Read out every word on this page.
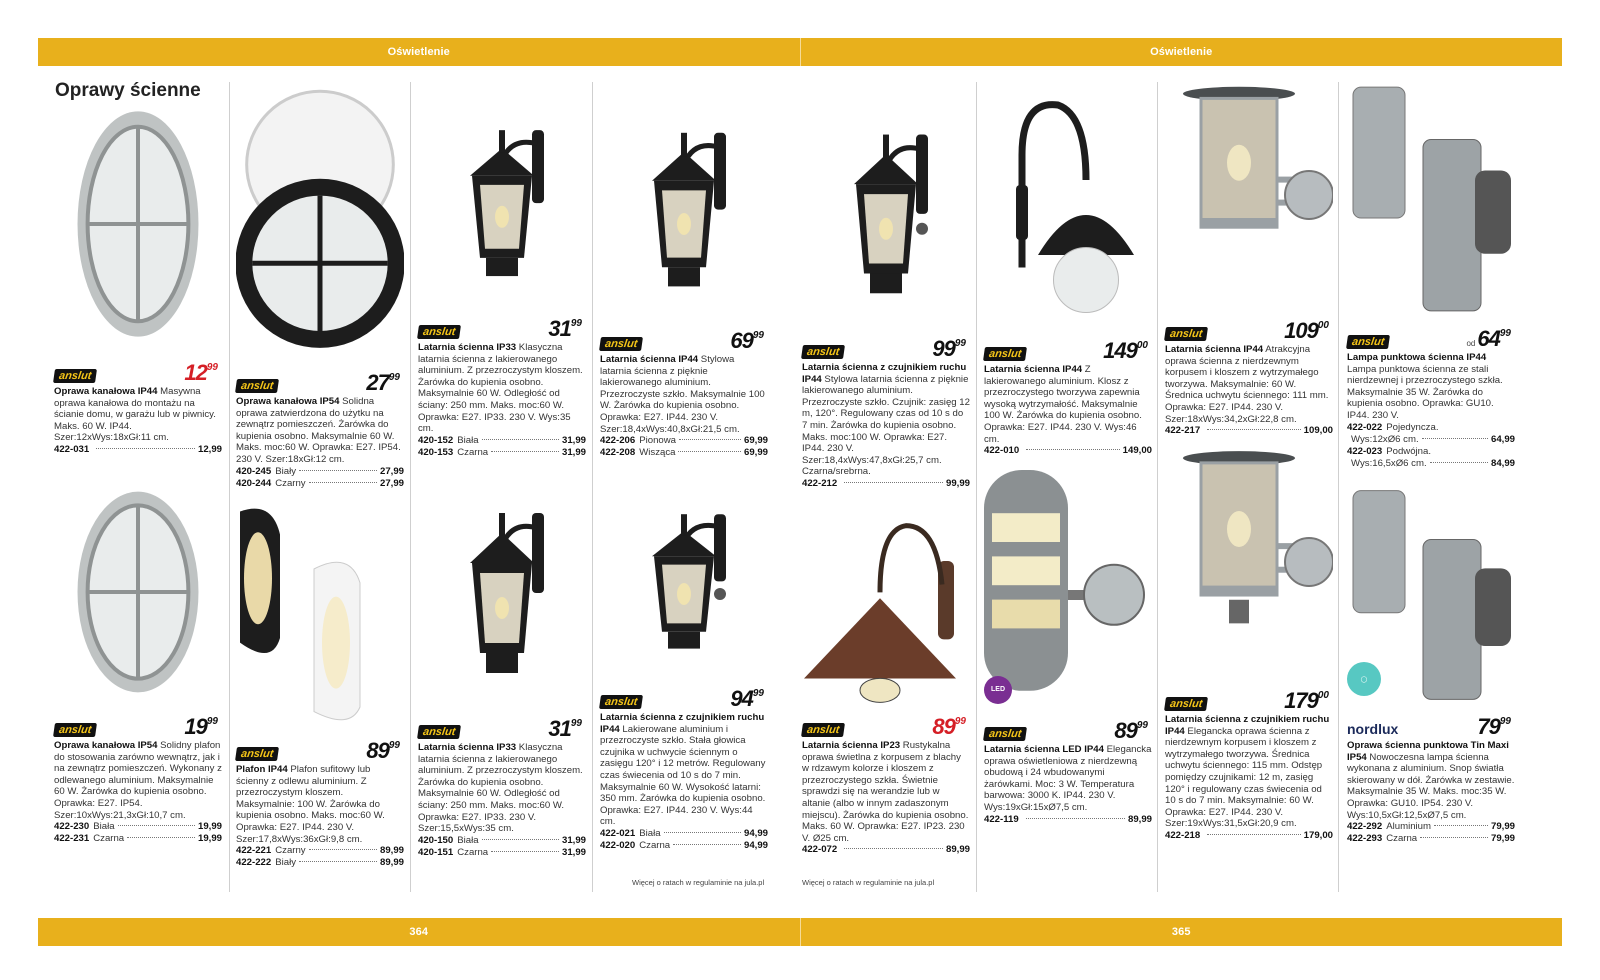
Oświetlenie	Oświetlenie
364	365
Oprawy ścienne
anslut	$12^{99}$
Oprawa kanałowa IP44 Masywna oprawa kanałowa do montażu na ścianie domu, w garażu lub w piwnicy. Maks. 60 W. IP44. Szer:12xWys:18xGł:11 cm.
422-031	12,99
anslut	$27^{99}$
Oprawa kanałowa IP54 Solidna oprawa zatwierdzona do użytku na zewnątrz pomieszczeń. Żarówka do kupienia osobno. Maksymalnie 60 W. Maks. moc:60 W. Oprawka: E27. IP54. 230 V. Szer:18xGł:12 cm.
420-245 Biały	27,99
420-244 Czarny	27,99
anslut	$31^{99}$
Latarnia ścienna IP33 Klasyczna latarnia ścienna z lakierowanego aluminium. Z przezroczystym kloszem. Żarówka do kupienia osobno. Maksymalnie 60 W. Odległość od ściany: 250 mm. Maks. moc:60 W. Oprawka: E27. IP33. 230 V. Wys:35 cm.
420-152 Biała	31,99
420-153 Czarna	31,99
anslut	$69^{99}$
Latarnia ścienna IP44 Stylowa latarnia ścienna z pięknie lakierowanego aluminium. Przezroczyste szkło. Maksymalnie 100 W. Żarówka do kupienia osobno. Oprawka: E27. IP44. 230 V. Szer:18,4xWys:40,8xGł:21,5 cm.
422-206 Pionowa	69,99
422-208 Wisząca	69,99
anslut	$99^{99}$
Latarnia ścienna z czujnikiem ruchu IP44 Stylowa latarnia ścienna z pięknie lakierowanego aluminium. Przezroczyste szkło. Czujnik: zasięg 12 m, 120°. Regulowany czas od 10 s do 7 min. Żarówka do kupienia osobno. Maks. moc:100 W. Oprawka: E27. IP44. 230 V. Szer:18,4xWys:47,8xGł:25,7 cm. Czarna/srebrna.
422-212	99,99
anslut	$149^{00}$
Latarnia ścienna IP44 Z lakierowanego aluminium. Klosz z przezroczystego tworzywa zapewnia wysoką wytrzymałość. Maksymalnie 100 W. Żarówka do kupienia osobno. Oprawka: E27. IP44. 230 V. Wys:46 cm.
422-010	149,00
anslut	$109^{00}$
Latarnia ścienna IP44 Atrakcyjna oprawa ścienna z nierdzewnym korpusem i kloszem z wytrzymałego tworzywa. Maksymalnie: 60 W. Średnica uchwytu ściennego: 111 mm. Oprawka: E27. IP44. 230 V. Szer:18xWys:34,2xGł:22,8 cm.
422-217	109,00
anslut	$od64^{99}$
Lampa punktowa ścienna IP44 Lampa punktowa ścienna ze stali nierdzewnej i przezroczystego szkła. Maksymalnie 35 W. Żarówka do kupienia osobno. Oprawka: GU10. IP44. 230 V.
422-022 Pojedyncza.
Wys:12xØ6 cm.	64,99
422-023 Podwójna.
Wys:16,5xØ6 cm.	84,99
anslut	$19^{99}$
Oprawa kanałowa IP54 Solidny plafon do stosowania zarówno wewnątrz, jak i na zewnątrz pomieszczeń. Wykonany z odlewanego aluminium. Maksymalnie 60 W. Żarówka do kupienia osobno. Oprawka: E27. IP54. Szer:10xWys:21,3xGł:10,7 cm.
422-230 Biała	19,99
422-231 Czarna	19,99
anslut	$89^{99}$
Plafon IP44 Plafon sufitowy lub ścienny z odlewu aluminium. Z przezroczystym kloszem. Maksymalnie: 100 W. Żarówka do kupienia osobno. Maks. moc:60 W. Oprawka: E27. IP44. 230 V. Szer:17,8xWys:36xGł:9,8 cm.
422-221 Czarny	89,99
422-222 Biały	89,99
anslut	$31^{99}$
Latarnia ścienna IP33 Klasyczna latarnia ścienna z lakierowanego aluminium. Z przezroczystym kloszem. Żarówka do kupienia osobno. Maksymalnie 60 W. Odległość od ściany: 250 mm. Maks. moc:60 W. Oprawka: E27. IP33. 230 V. Szer:15,5xWys:35 cm.
420-150 Biała	31,99
420-151 Czarna	31,99
anslut	$94^{99}$
Latarnia ścienna z czujnikiem ruchu IP44 Lakierowane aluminium i przezroczyste szkło. Stała głowica czujnika w uchwycie ściennym o zasięgu 120° i 12 metrów. Regulowany czas świecenia od 10 s do 7 min. Maksymalnie 60 W. Wysokość latarni: 350 mm. Żarówka do kupienia osobno. Oprawka: E27. IP44. 230 V. Wys:44 cm.
422-021 Biała	94,99
422-020 Czarna	94,99
anslut	$89^{99}$
Latarnia ścienna IP23 Rustykalna oprawa świetlna z korpusem z blachy w rdzawym kolorze i kloszem z przezroczystego szkła. Świetnie sprawdzi się na werandzie lub w altanie (albo w innym zadaszonym miejscu). Żarówka do kupienia osobno. Maks. 60 W. Oprawka: E27. IP23. 230 V. Ø25 cm.
422-072	89,99
LED
anslut	$89^{99}$
Latarnia ścienna LED IP44 Elegancka oprawa oświetleniowa z nierdzewną obudową i 24 wbudowanymi żarówkami. Moc: 3 W. Temperatura barwowa: 3000 K. IP44. 230 V. Wys:19xGł:15xØ7,5 cm.
422-119	89,99
anslut	$179^{00}$
Latarnia ścienna z czujnikiem ruchu IP44 Elegancka oprawa ścienna z nierdzewnym korpusem i kloszem z wytrzymałego tworzywa. Średnica uchwytu ściennego: 115 mm. Odstęp pomiędzy czujnikami: 12 m, zasięg 120° i regulowany czas świecenia od 10 s do 7 min. Maksymalnie: 60 W. Oprawka: E27. IP44. 230 V. Szer:19xWys:31,5xGł:20,9 cm.
422-218	179,00
◯
nordlux	$79^{99}$
Oprawa ścienna punktowa Tin Maxi IP54 Nowoczesna lampa ścienna wykonana z aluminium. Snop światła skierowany w dół. Żarówka w zestawie. Maksymalnie 35 W. Maks. moc:35 W. Oprawka: GU10. IP54. 230 V. Wys:10,5xGł:12,5xØ7,5 cm.
422-292 Aluminium	79,99
422-293 Czarna	79,99
Więcej o ratach w regulaminie na jula.pl	Więcej o ratach w regulaminie na jula.pl
